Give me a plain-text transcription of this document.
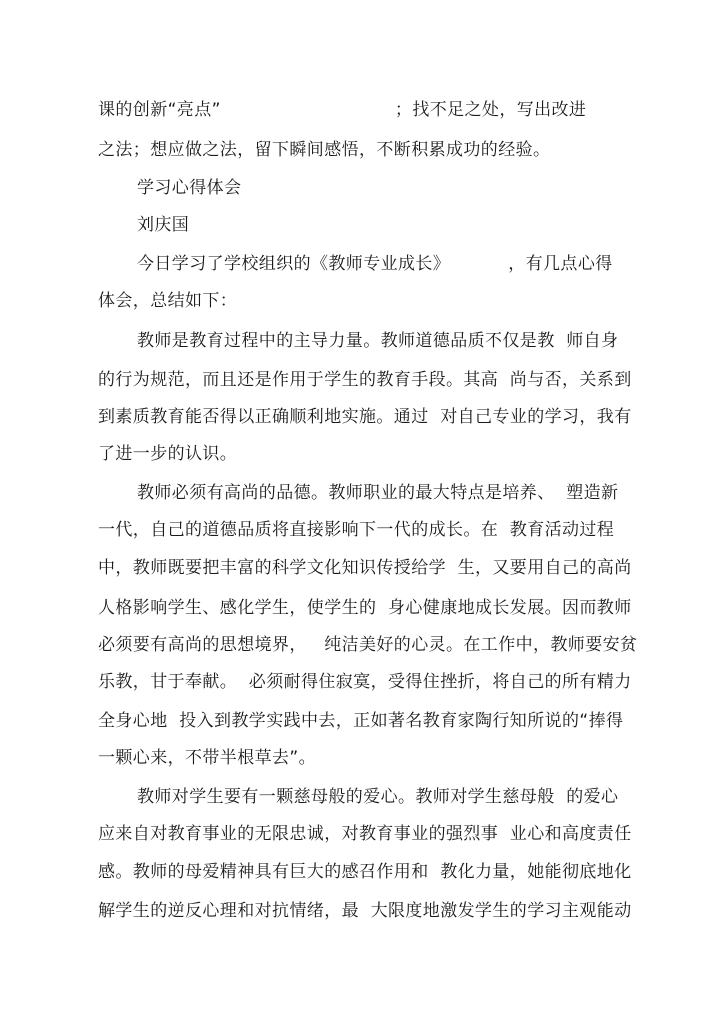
课的创新“亮点”                              ；找不足之处，写出改进
之法；想应做之法，留下瞬间感悟，不断积累成功的经验。
学习心得体会
刘庆国
今日学习了学校组织的《教师专业成长》          ，有几点心得
体会，总结如下：
教师是教育过程中的主导力量。教师道德品质不仅是教  师自身
的行为规范，而且还是作用于学生的教育手段。其高  尚与否，关系到
到素质教育能否得以正确顺利地实施。通过  对自己专业的学习，我有
了进一步的认识。
教师必须有高尚的品德。教师职业的最大特点是培养、  塑造新
一代，自己的道德品质将直接影响下一代的成长。在  教育活动过程
中，教师既要把丰富的科学文化知识传授给学  生，又要用自己的高尚
人格影响学生、感化学生，使学生的  身心健康地成长发展。因而教师
必须要有高尚的思想境界，   纯洁美好的心灵。在工作中，教师要安贫
乐教，甘于奉献。  必须耐得住寂寞，受得住挫折，将自己的所有精力
全身心地  投入到教学实践中去，正如著名教育家陶行知所说的“捧得
一颗心来，不带半根草去”。
教师对学生要有一颗慈母般的爱心。教师对学生慈母般  的爱心
应来自对教育事业的无限忠诚，对教育事业的强烈事  业心和高度责任
感。教师的母爱精神具有巨大的感召作用和  教化力量，她能彻底地化
解学生的逆反心理和对抗情绪，最  大限度地激发学生的学习主观能动
